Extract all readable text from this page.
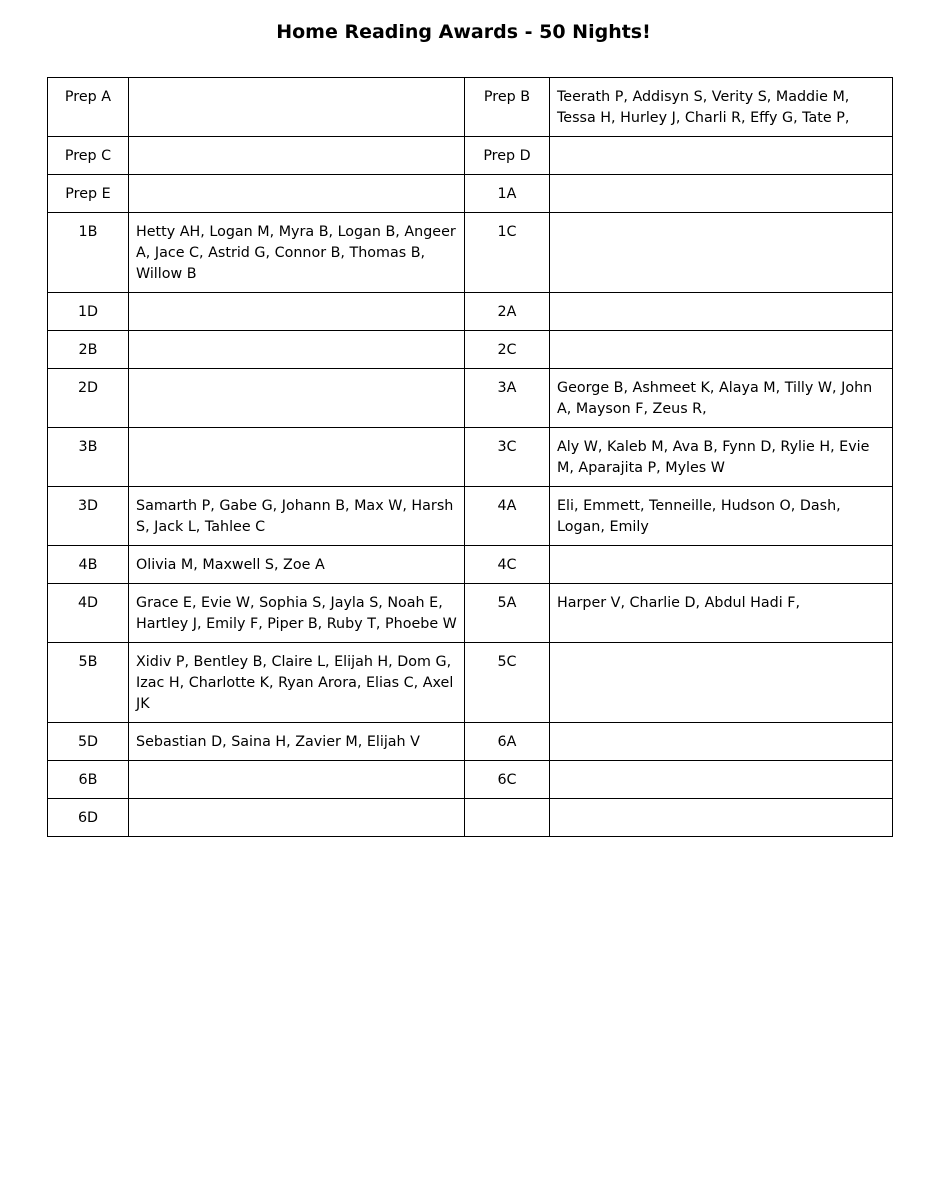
Home Reading Awards - 50 Nights!
Prep A		Prep B	Teerath P, Addisyn S, Verity S, Maddie M, Tessa H, Hurley J, Charli R, Effy G, Tate P,
Prep C		Prep D	
Prep E		1A	
1B	Hetty AH, Logan M, Myra B, Logan B, Angeer A, Jace C, Astrid G, Connor B, Thomas B, Willow B	1C	
1D		2A	
2B		2C	
2D		3A	George B, Ashmeet K, Alaya M, Tilly W, John A, Mayson F, Zeus R,
3B		3C	Aly W, Kaleb M, Ava B, Fynn D, Rylie H, Evie M, Aparajita P, Myles W
3D	Samarth P, Gabe G, Johann B, Max W, Harsh S, Jack L, Tahlee C	4A	Eli, Emmett, Tenneille, Hudson O, Dash, Logan, Emily
4B	Olivia M, Maxwell S, Zoe A	4C	
4D	Grace E, Evie W, Sophia S, Jayla S, Noah E, Hartley J, Emily F, Piper B, Ruby T, Phoebe W	5A	Harper V, Charlie D, Abdul Hadi F,
5B	Xidiv P, Bentley B, Claire L, Elijah H, Dom G, Izac H, Charlotte K, Ryan Arora, Elias C, Axel JK	5C	
5D	Sebastian D, Saina H, Zavier M, Elijah V	6A	
6B		6C	
6D			
